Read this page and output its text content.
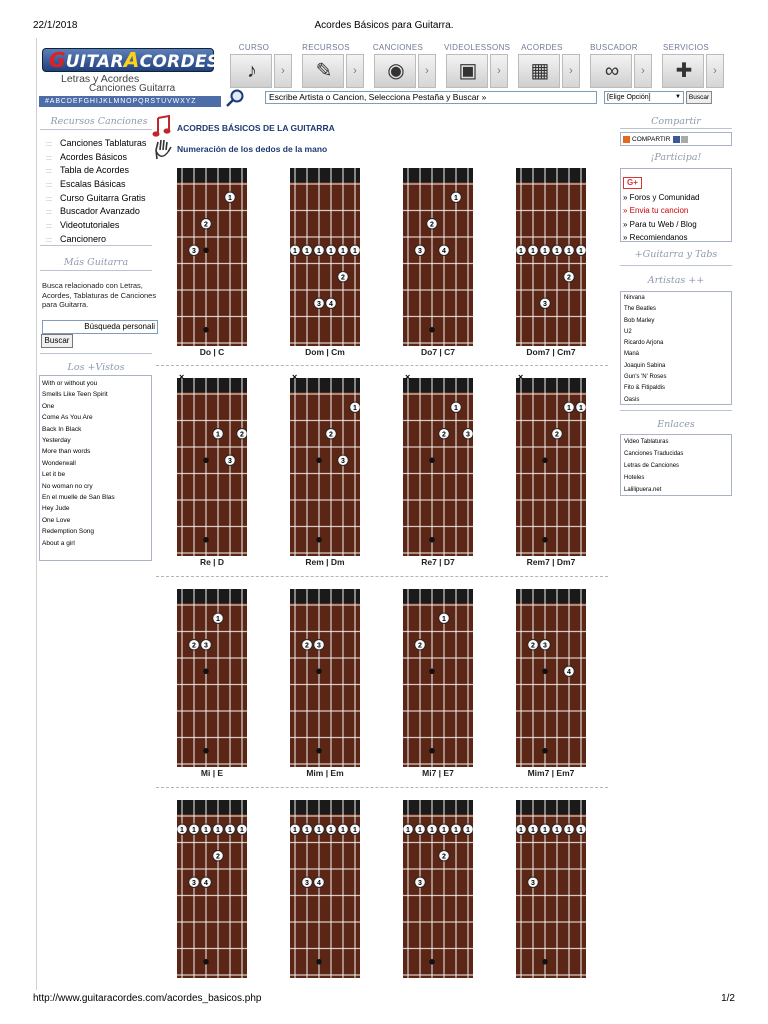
22/1/2018	Acordes Básicos para Guitarra.
GUITARACORDES
Letras y Acordes
Canciones Guitarra
#ABCDEFGHIJKLMNOPQRSTUVWXYZ
CURSO
♪	›
RECURSOS
✎	›
CANCIONES
◉	›
VIDEOLESSONS
▣	›
ACORDES
▦	›
BUSCADOR
∞	›
SERVICIOS
✚	›
Escribe Artista o Cancion, Selecciona Pestaña y Buscar »	[Elige Opción]	▼	Buscar
Recursos Canciones
::: Canciones Tablaturas
::: Acordes Básicos
::: Tabla de Acordes
::: Escalas Básicas
::: Curso Guitarra Gratis
::: Buscador Avanzado
::: Videotutoriales
::: Cancionero
Más Guitarra
Busca relacionado con Letras, Acordes, Tablaturas de Canciones para Guitarra.
Búsqueda personali
Buscar
Los +Vistos
With or without you
Smells Like Teen Spirit
One
Come As You Are
Back In Black
Yesterday
More than words
Wonderwall
Let it be
No woman no cry
En el muelle de San Blas
Hey Jude
One Love
Redemption Song
About a girl
Compartir
COMPARTIR
¡Participa!
G+
» Foros y Comunidad
» Envia tu cancion
» Para tu Web / Blog
» Recomiendanos
+Guitarra y Tabs
Artistas ++
Nirvana
The Beatles
Bob Marley
U2
Ricardo Arjona
Maná
Joaquin Sabina
Gun's 'N' Roses
Fito & Fitipaldis
Oasis
Enlaces
Video Tablaturas
Canciones Traducidas
Letras de Canciones
Hoteles
Lalilipuera.net
ACORDES BÁSICOS DE LA GUITARRA
Numeración de los dedos de la mano
1
2
3
Do | C
1 1 1 1 1 1
2
3 4
Dom | Cm
1
2
3	4
Do7 | C7
1 1 1 1 1 1
2
3
Dom7 | Cm7
1	2
3
×
Re | D
1
2
3
×
Rem | Dm
1
2	3
×
Re7 | D7
1 1
2
×
Rem7 | Dm7
1
2 3
Mi | E
2 3
Mim | Em
1
2
Mi7 | E7
2 3
4
Mim7 | Em7
1 1 1 1 1 1
2
3 4
1 1 1 1 1 1
3 4
1 1 1 1 1 1
2
3
1 1 1 1 1 1
3
http://www.guitaracordes.com/acordes_basicos.php	1/2
